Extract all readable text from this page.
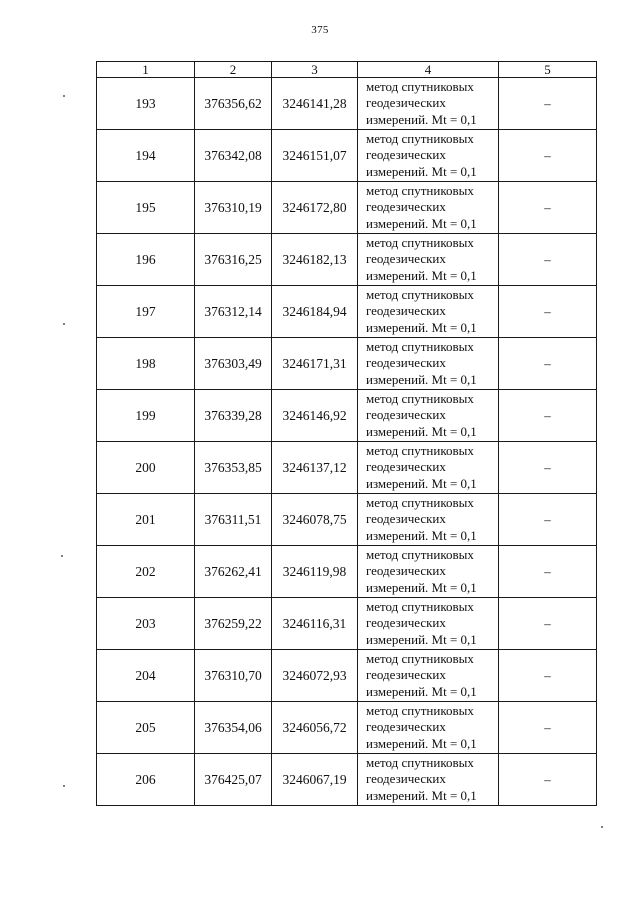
375
1	2	3	4	5
193	376356,62	3246141,28	метод спутниковых
геодезических
измерений. Mt = 0,1	–
194	376342,08	3246151,07	метод спутниковых
геодезических
измерений. Mt = 0,1	–
195	376310,19	3246172,80	метод спутниковых
геодезических
измерений. Mt = 0,1	–
196	376316,25	3246182,13	метод спутниковых
геодезических
измерений. Mt = 0,1	–
197	376312,14	3246184,94	метод спутниковых
геодезических
измерений. Mt = 0,1	–
198	376303,49	3246171,31	метод спутниковых
геодезических
измерений. Mt = 0,1	–
199	376339,28	3246146,92	метод спутниковых
геодезических
измерений. Mt = 0,1	–
200	376353,85	3246137,12	метод спутниковых
геодезических
измерений. Mt = 0,1	–
201	376311,51	3246078,75	метод спутниковых
геодезических
измерений. Mt = 0,1	–
202	376262,41	3246119,98	метод спутниковых
геодезических
измерений. Mt = 0,1	–
203	376259,22	3246116,31	метод спутниковых
геодезических
измерений. Mt = 0,1	–
204	376310,70	3246072,93	метод спутниковых
геодезических
измерений. Mt = 0,1	–
205	376354,06	3246056,72	метод спутниковых
геодезических
измерений. Mt = 0,1	–
206	376425,07	3246067,19	метод спутниковых
геодезических
измерений. Mt = 0,1	–
